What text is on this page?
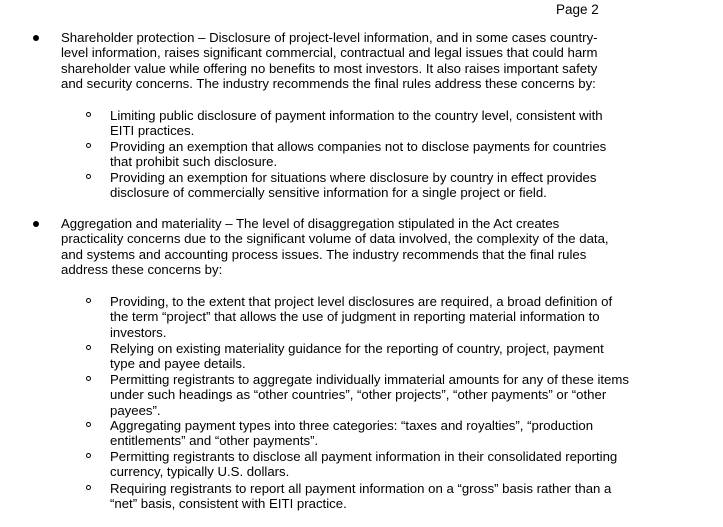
Page 2

Shareholder protection – Disclosure of project-level information, and in some cases country-level information, raises significant commercial, contractual and legal issues that could harm shareholder value while offering no benefits to most investors. It also raises important safety and security concerns. The industry recommends the final rules address these concerns by:

Limiting public disclosure of payment information to the country level, consistent with EITI practices.

Providing an exemption that allows companies not to disclose payments for countries that prohibit such disclosure.

Providing an exemption for situations where disclosure by country in effect provides disclosure of commercially sensitive information for a single project or field.

Aggregation and materiality – The level of disaggregation stipulated in the Act creates practicality concerns due to the significant volume of data involved, the complexity of the data, and systems and accounting process issues. The industry recommends that the final rules address these concerns by:

Providing, to the extent that project level disclosures are required, a broad definition of the term “project” that allows the use of judgment in reporting material information to investors.

Relying on existing materiality guidance for the reporting of country, project, payment type and payee details.

Permitting registrants to aggregate individually immaterial amounts for any of these items under such headings as “other countries”, “other projects”, “other payments” or “other payees”.

Aggregating payment types into three categories: “taxes and royalties”, “production entitlements” and “other payments”.

Permitting registrants to disclose all payment information in their consolidated reporting currency, typically U.S. dollars.

Requiring registrants to report all payment information on a “gross” basis rather than a “net” basis, consistent with EITI practice.
